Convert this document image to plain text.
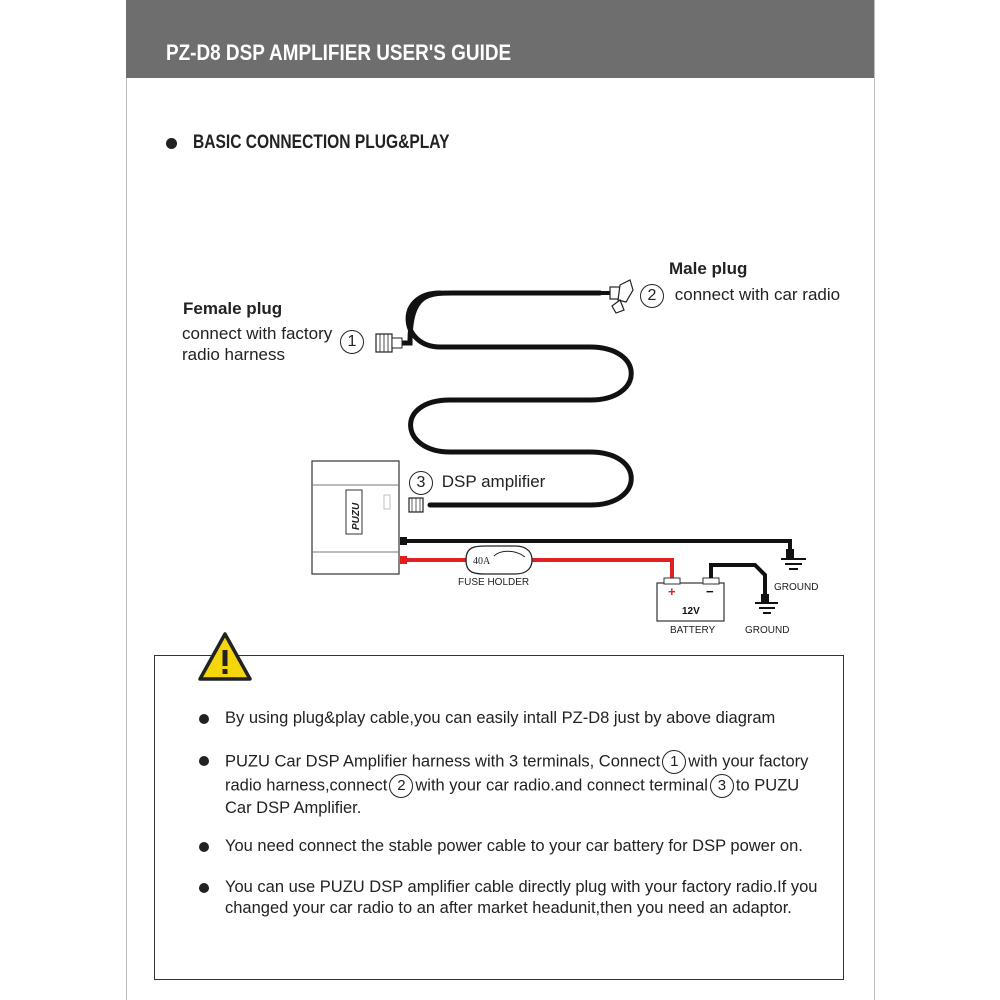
PZ-D8 DSP AMPLIFIER USER'S GUIDE
BASIC CONNECTION PLUG&PLAY
PUZU
40A
+ −
12V
Male plug
2 connect with car radio
Female plug
connect with factory
radio harness
1
3 DSP amplifier
FUSE HOLDER
BATTERY
GROUND
GROUND
By using plug&play cable,you can easily intall PZ-D8 just by above diagram
PUZU Car DSP Amplifier harness with 3 terminals, Connect 1 with your factory radio harness,connect 2 with your car radio.and connect terminal 3 to PUZU Car DSP Amplifier.
You need connect the stable power cable to your car battery for DSP power on.
You can use PUZU DSP amplifier cable directly plug with your factory radio.If you changed your car radio to an after market headunit,then you need an adaptor.
